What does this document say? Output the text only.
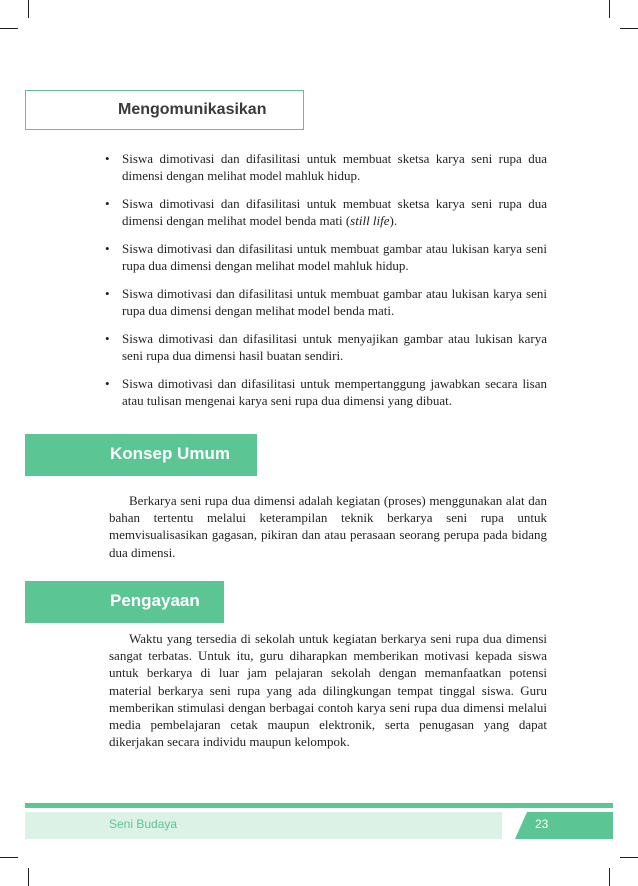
Mengomunikasikan
• Siswa dimotivasi dan difasilitasi untuk membuat sketsa karya seni rupa dua dimensi dengan melihat model mahluk hidup.
• Siswa dimotivasi dan difasilitasi untuk membuat sketsa karya seni rupa dua dimensi dengan melihat model benda mati (still life).
• Siswa dimotivasi dan difasilitasi untuk membuat gambar atau lukisan karya seni rupa dua dimensi dengan melihat model mahluk hidup.
• Siswa dimotivasi dan difasilitasi untuk membuat gambar atau lukisan karya seni rupa dua dimensi dengan melihat model benda mati.
• Siswa dimotivasi dan difasilitasi untuk menyajikan gambar atau lukisan karya seni rupa dua dimensi hasil buatan sendiri.
• Siswa dimotivasi dan difasilitasi untuk mempertanggung jawabkan secara lisan atau tulisan mengenai karya seni rupa dua dimensi yang dibuat.
Konsep Umum

Berkarya seni rupa dua dimensi adalah kegiatan (proses) menggunakan alat dan bahan tertentu melalui keterampilan teknik berkarya seni rupa untuk memvisualisasikan gagasan, pikiran dan atau perasaan seorang perupa pada bidang dua dimensi.

Pengayaan

Waktu yang tersedia di sekolah untuk kegiatan berkarya seni rupa dua dimensi sangat terbatas. Untuk itu, guru diharapkan memberikan motivasi kepada siswa untuk berkarya di luar jam pelajaran sekolah dengan memanfaatkan potensi material berkarya seni rupa yang ada dilingkungan tempat tinggal siswa. Guru memberikan stimulasi dengan berbagai contoh karya seni rupa dua dimensi melalui media pembelajaran cetak maupun elektronik, serta penugasan yang dapat dikerjakan secara individu maupun kelompok.

Seni Budaya	23
